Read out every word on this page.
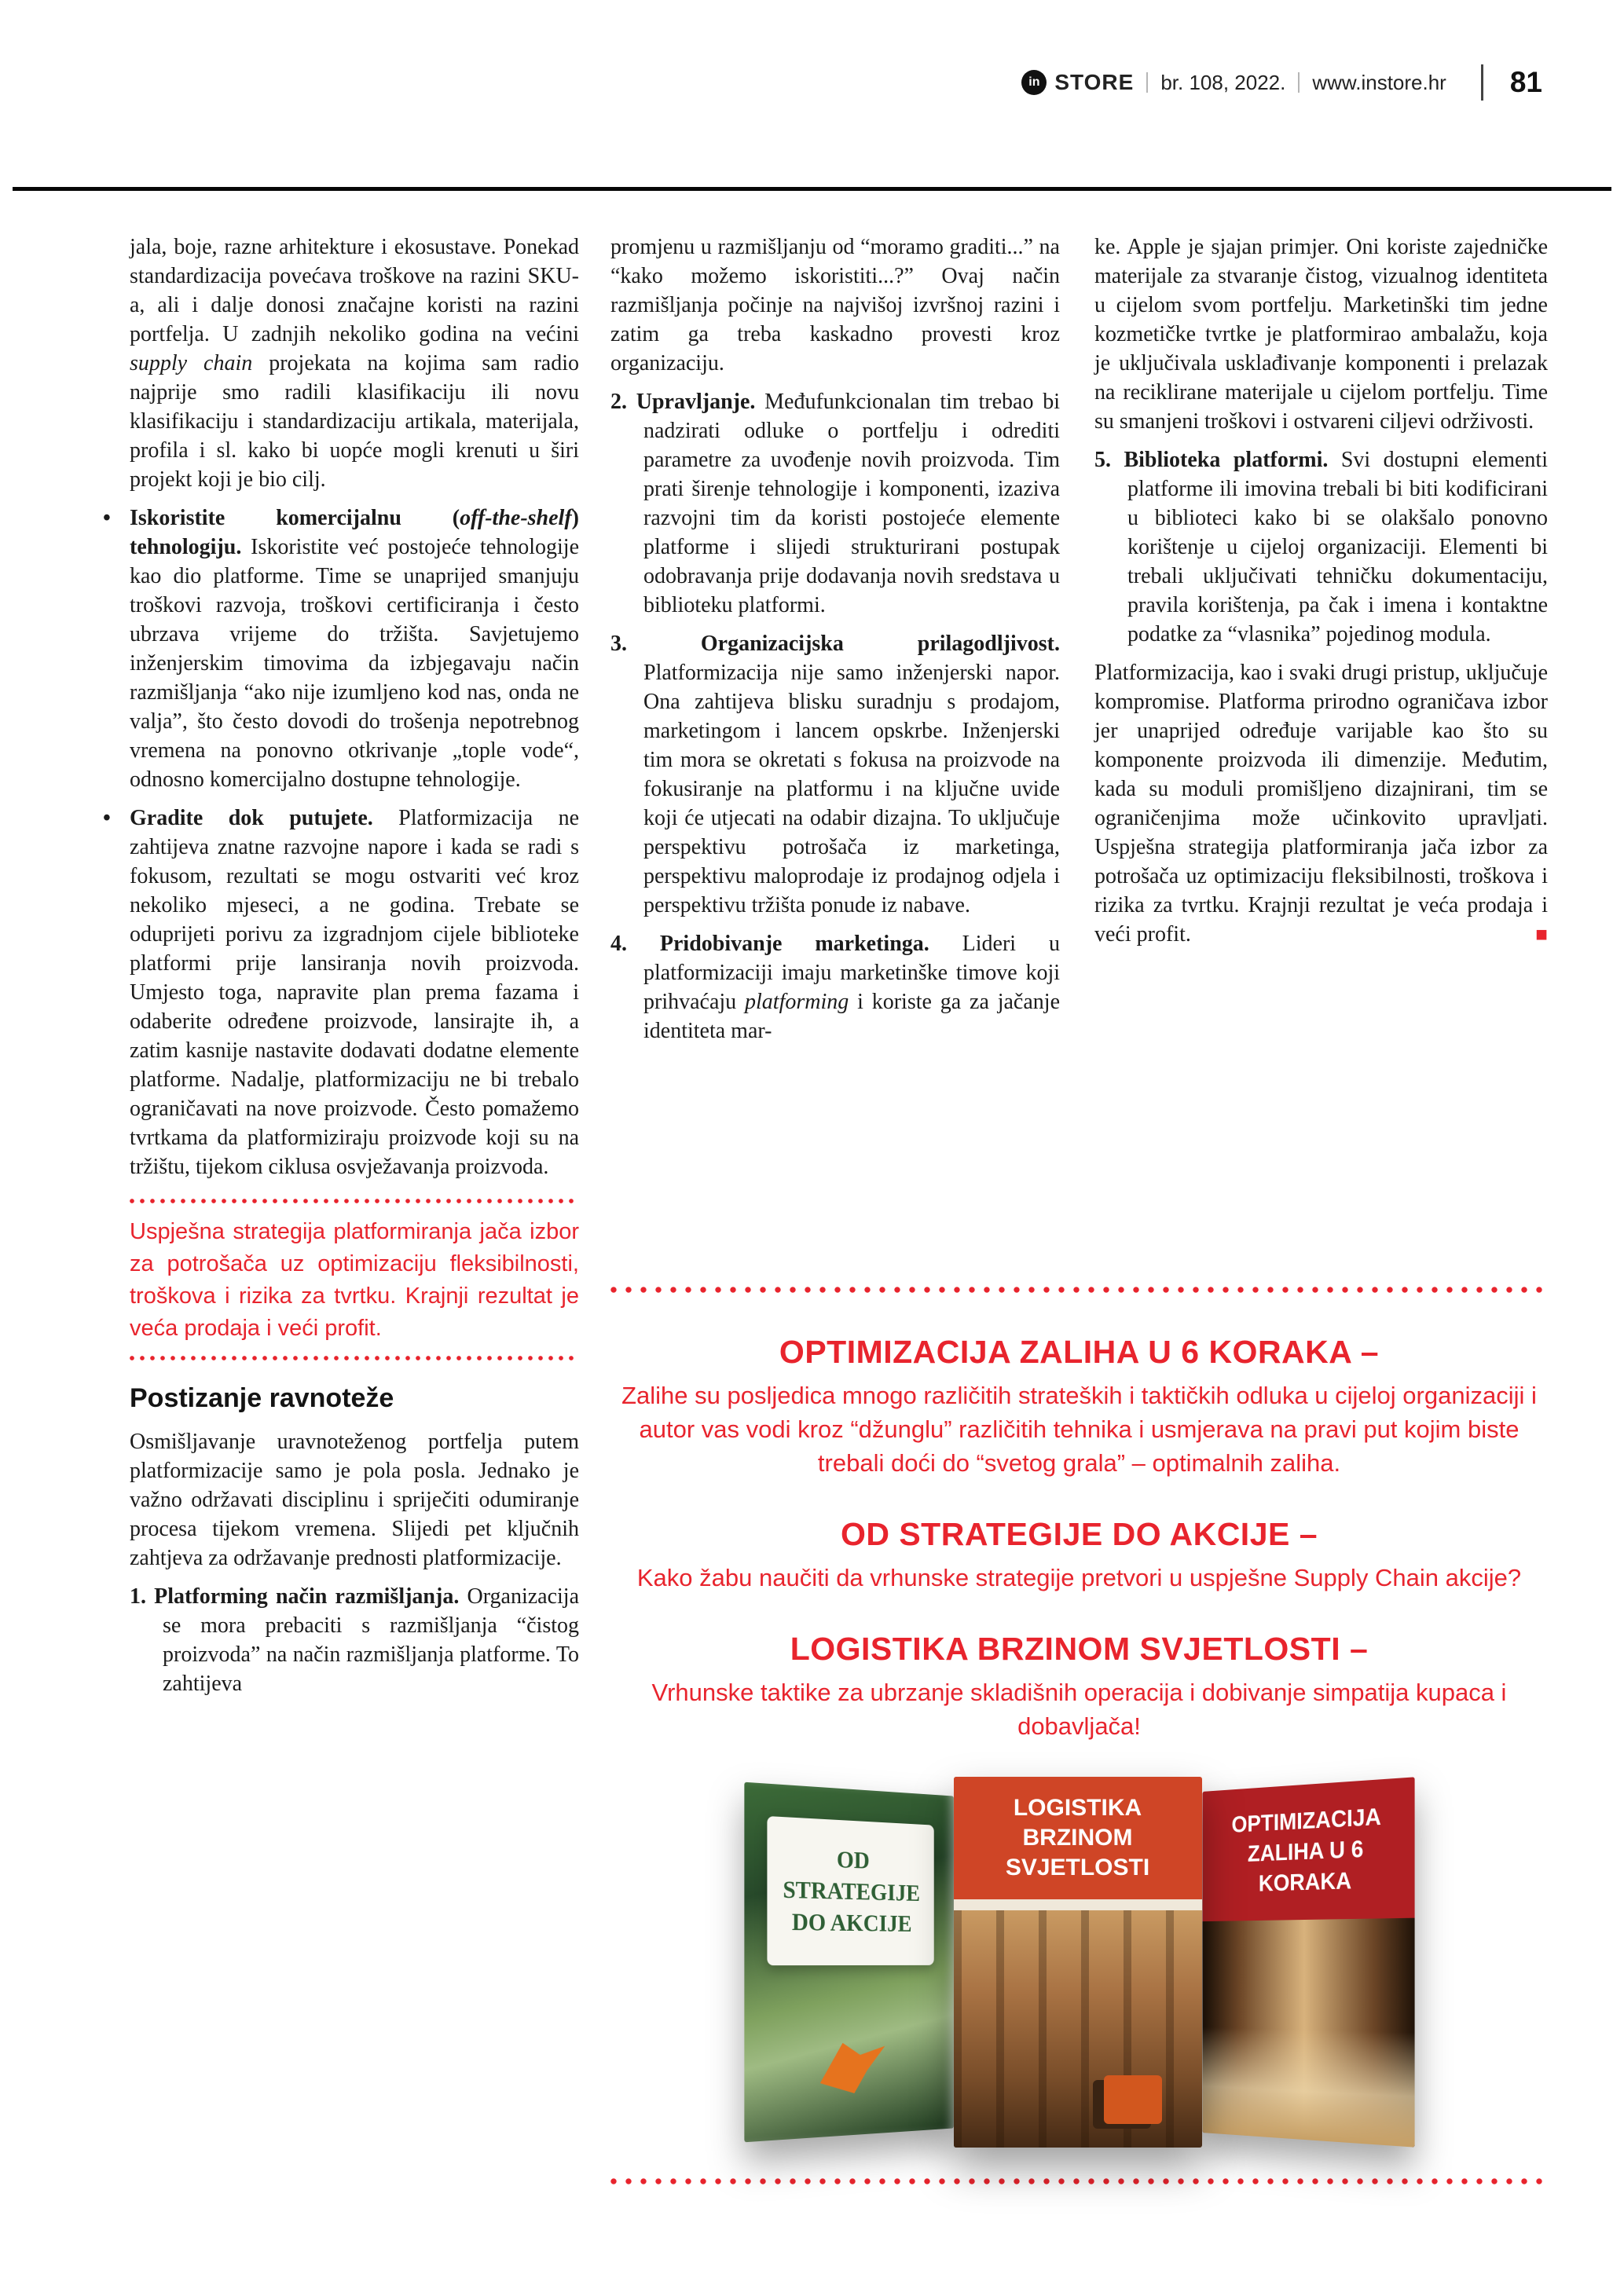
in STORE br. 108, 2022. www.instore.hr 81

jala, boje, razne arhitekture i ekosustave. Ponekad standardizacija povećava troškove na razini SKU-a, ali i dalje donosi značajne koristi na razini portfelja. U zadnjih nekoliko godina na većini supply chain projekata na kojima sam radio najprije smo radili klasifikaciju ili novu klasifikaciju i standardizaciju artikala, materijala, profila i sl. kako bi uopće mogli krenuti u širi projekt koji je bio cilj.

• Iskoristite komercijalnu (off-the-shelf) tehnologiju. Iskoristite već postojeće tehnologije kao dio platforme. Time se unaprijed smanjuju troškovi razvoja, troškovi certificiranja i često ubrzava vrijeme do tržišta. Savjetujemo inženjerskim timovima da izbjegavaju način razmišljanja “ako nije izumljeno kod nas, onda ne valja”, što često dovodi do trošenja nepotrebnog vremena na ponovno otkrivanje „tople vode“, odnosno komercijalno dostupne tehnologije.
• Gradite dok putujete. Platformizacija ne zahtijeva znatne razvojne napore i kada se radi s fokusom, rezultati se mogu ostvariti već kroz nekoliko mjeseci, a ne godina. Trebate se oduprijeti porivu za izgradnjom cijele biblioteke platformi prije lansiranja novih proizvoda. Umjesto toga, napravite plan prema fazama i odaberite određene proizvode, lansirajte ih, a zatim kasnije nastavite dodavati dodatne elemente platforme. Nadalje, platformizaciju ne bi trebalo ograničavati na nove proizvode. Često pomažemo tvrtkama da platformiziraju proizvode koji su na tržištu, tijekom ciklusa osvježavanja proizvoda.
Uspješna strategija platformiranja jača izbor za potrošača uz optimizaciju fleksibilnosti, troškova i rizika za tvrtku. Krajnji rezultat je veća prodaja i veći profit.
Postizanje ravnoteže

Osmišljavanje uravnoteženog portfelja putem platformizacije samo je pola posla. Jednako je važno održavati disciplinu i spriječiti odumiranje procesa tijekom vremena. Slijedi pet ključnih zahtjeva za održavanje prednosti platformizacije.

1. Platforming način razmišljanja. Organizacija se mora prebaciti s razmišljanja “čistog proizvoda” na način razmišljanja platforme. To zahtijeva

promjenu u razmišljanju od “moramo graditi...” na “kako možemo iskoristiti...?” Ovaj način razmišljanja počinje na najvišoj izvršnoj razini i zatim ga treba kaskadno provesti kroz organizaciju.

2. Upravljanje. Međufunkcionalan tim trebao bi nadzirati odluke o portfelju i odrediti parametre za uvođenje novih proizvoda. Tim prati širenje tehnologije i komponenti, izaziva razvojni tim da koristi postojeće elemente platforme i slijedi strukturirani postupak odobravanja prije dodavanja novih sredstava u biblioteku platformi.
3. Organizacijska prilagodljivost. Platformizacija nije samo inženjerski napor. Ona zahtijeva blisku suradnju s prodajom, marketingom i lancem opskrbe. Inženjerski tim mora se okretati s fokusa na proizvode na fokusiranje na platformu i na ključne uvide koji će utjecati na odabir dizajna. To uključuje perspektivu potrošača iz marketinga, perspektivu maloprodaje iz prodajnog odjela i perspektivu tržišta ponude iz nabave.
4. Pridobivanje marketinga. Lideri u platformizaciji imaju marketinške timove koji prihvaćaju platforming i koriste ga za jačanje identiteta mar-

ke. Apple je sjajan primjer. Oni koriste zajedničke materijale za stvaranje čistog, vizualnog identiteta u cijelom svom portfelju. Marketinški tim jedne kozmetičke tvrtke je platformirao ambalažu, koja je uključivala usklađivanje komponenti i prelazak na reciklirane materijale u cijelom portfelju. Time su smanjeni troškovi i ostvareni ciljevi održivosti.

5. Biblioteka platformi. Svi dostupni elementi platforme ili imovina trebali bi biti kodificirani u biblioteci kako bi se olakšalo ponovno korištenje u cijeloj organizaciji. Elementi bi trebali uključivati tehničku dokumentaciju, pravila korištenja, pa čak i imena i kontaktne podatke za “vlasnika” pojedinog modula.
Platformizacija, kao i svaki drugi pristup, uključuje kompromise. Platforma prirodno ograničava izbor jer unaprijed određuje varijable kao što su komponente proizvoda ili dimenzije. Međutim, kada su moduli promišljeno dizajnirani, tim se ograničenjima može učinkovito upravljati. Uspješna strategija platformiranja jača izbor za potrošača uz optimizaciju fleksibilnosti, troškova i rizika za tvrtku. Krajnji rezultat je veća prodaja i veći profit.	■
OPTIMIZACIJA ZALIHA U 6 KORAKA –

Zalihe su posljedica mnogo različitih strateških i taktičkih odluka u cijeloj organizaciji i autor vas vodi kroz “džunglu” različitih tehnika i usmjerava na pravi put kojim biste trebali doći do “svetog grala” – optimalnih zaliha.

OD STRATEGIJE DO AKCIJE –

Kako žabu naučiti da vrhunske strategije pretvori u uspješne Supply Chain akcije?

LOGISTIKA BRZINOM SVJETLOSTI –

Vrhunske taktike za ubrzanje skladišnih operacija i dobivanje simpatija kupaca i dobavljača!

OD STRATEGIJE DO AKCIJE
LOGISTIKA BRZINOM SVJETLOSTI
OPTIMIZACIJA ZALIHA U 6 KORAKA
